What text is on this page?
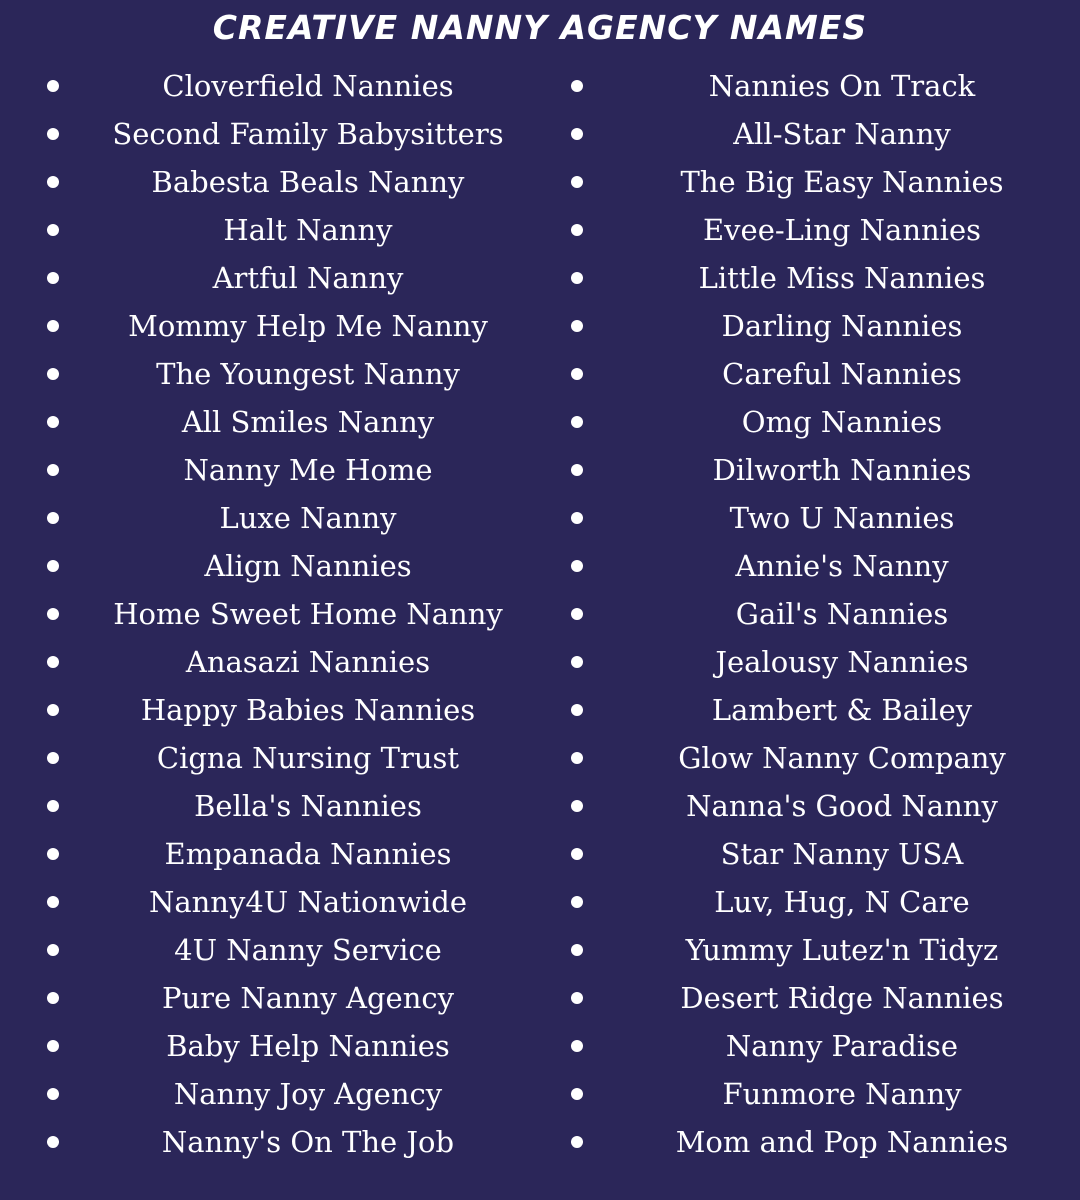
CREATIVE NANNY AGENCY NAMES
Cloverfield Nannies
Second Family Babysitters
Babesta Beals Nanny
Halt Nanny
Artful Nanny
Mommy Help Me Nanny
The Youngest Nanny
All Smiles Nanny
Nanny Me Home
Luxe Nanny
Align Nannies
Home Sweet Home Nanny
Anasazi Nannies
Happy Babies Nannies
Cigna Nursing Trust
Bella's Nannies
Empanada Nannies
Nanny4U Nationwide
4U Nanny Service
Pure Nanny Agency
Baby Help Nannies
Nanny Joy Agency
Nanny's On The Job
Nannies On Track
All-Star Nanny
The Big Easy Nannies
Evee-Ling Nannies
Little Miss Nannies
Darling Nannies
Careful Nannies
Omg Nannies
Dilworth Nannies
Two U Nannies
Annie's Nanny
Gail's Nannies
Jealousy Nannies
Lambert & Bailey
Glow Nanny Company
Nanna's Good Nanny
Star Nanny USA
Luv, Hug, N Care
Yummy Lutez'n Tidyz
Desert Ridge Nannies
Nanny Paradise
Funmore Nanny
Mom and Pop Nannies
